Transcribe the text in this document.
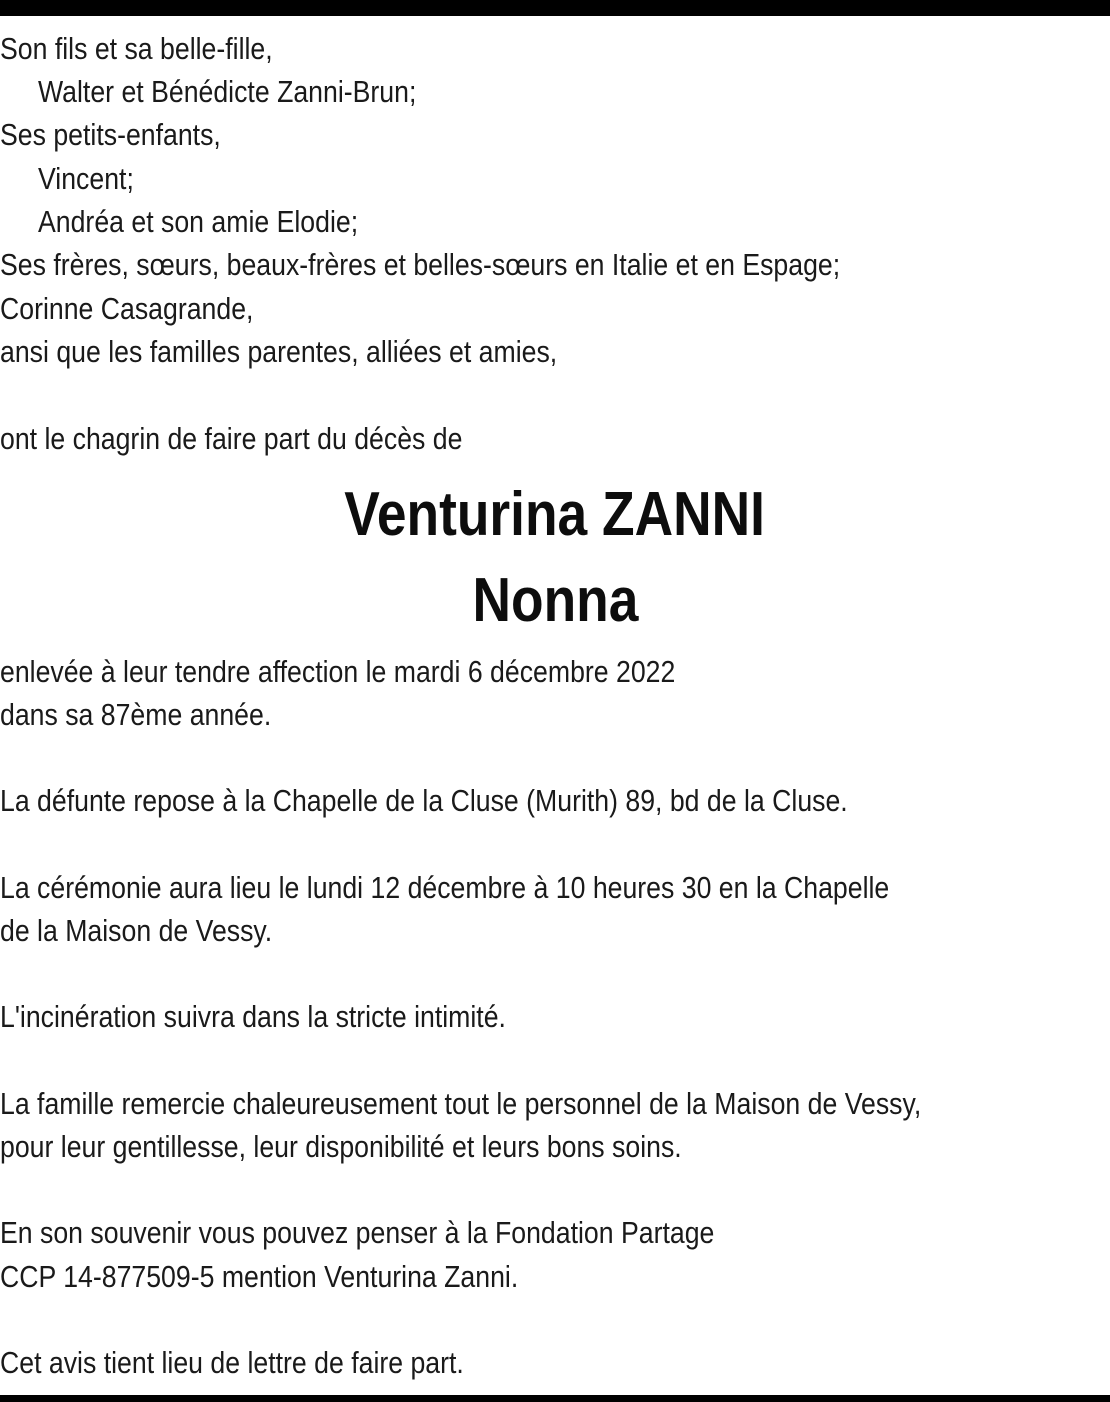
Son fils et sa belle-fille,
Walter et Bénédicte Zanni-Brun;
Ses petits-enfants,
Vincent;
Andréa et son amie Elodie;
Ses frères, sœurs, beaux-frères et belles-sœurs en Italie et en Espage;
Corinne Casagrande,
ansi que les familles parentes, alliées et amies,
ont le chagrin de faire part du décès de
Venturina ZANNI
Nonna
enlevée à leur tendre affection le mardi 6 décembre 2022
dans sa 87ème année.
La défunte repose à la Chapelle de la Cluse (Murith) 89, bd de la Cluse.
La cérémonie aura lieu le lundi 12 décembre à 10 heures 30 en la Chapelle
de la Maison de Vessy.
L'incinération suivra dans la stricte intimité.
La famille remercie chaleureusement tout le personnel de la Maison de Vessy,
pour leur gentillesse, leur disponibilité et leurs bons soins.
En son souvenir vous pouvez penser à la Fondation Partage
CCP 14-877509-5 mention Venturina Zanni.
Cet avis tient lieu de lettre de faire part.
